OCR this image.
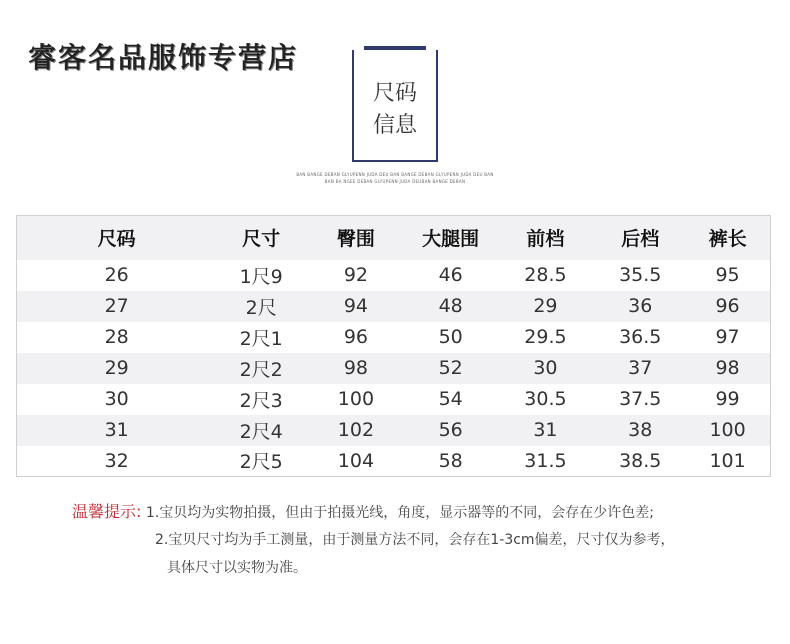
睿客名品服饰专营店
尺码
信息
BAN BANGE DEBAN GLYUPENN JUDA DEU BAN BANGE DEBAN GLYUPENN JUDA DEU BAN
BAN BA NGEE DEBAN GLYUPENN JUDA DEUBAN BANGE DEBAN
尺码	尺寸	臀围	大腿围	前档	后档	裤长
26	1尺9	92	46	28.5	35.5	95
27	2尺	94	48	29	36	96
28	2尺1	96	50	29.5	36.5	97
29	2尺2	98	52	30	37	98
30	2尺3	100	54	30.5	37.5	99
31	2尺4	102	56	31	38	100
32	2尺5	104	58	31.5	38.5	101
温馨提示: 1.宝贝均为实物拍摄，但由于拍摄光线，角度，显示器等的不同，会存在少许色差;
2.宝贝尺寸均为手工测量，由于测量方法不同，会存在1-3cm偏差，尺寸仅为参考，
具体尺寸以实物为准。
